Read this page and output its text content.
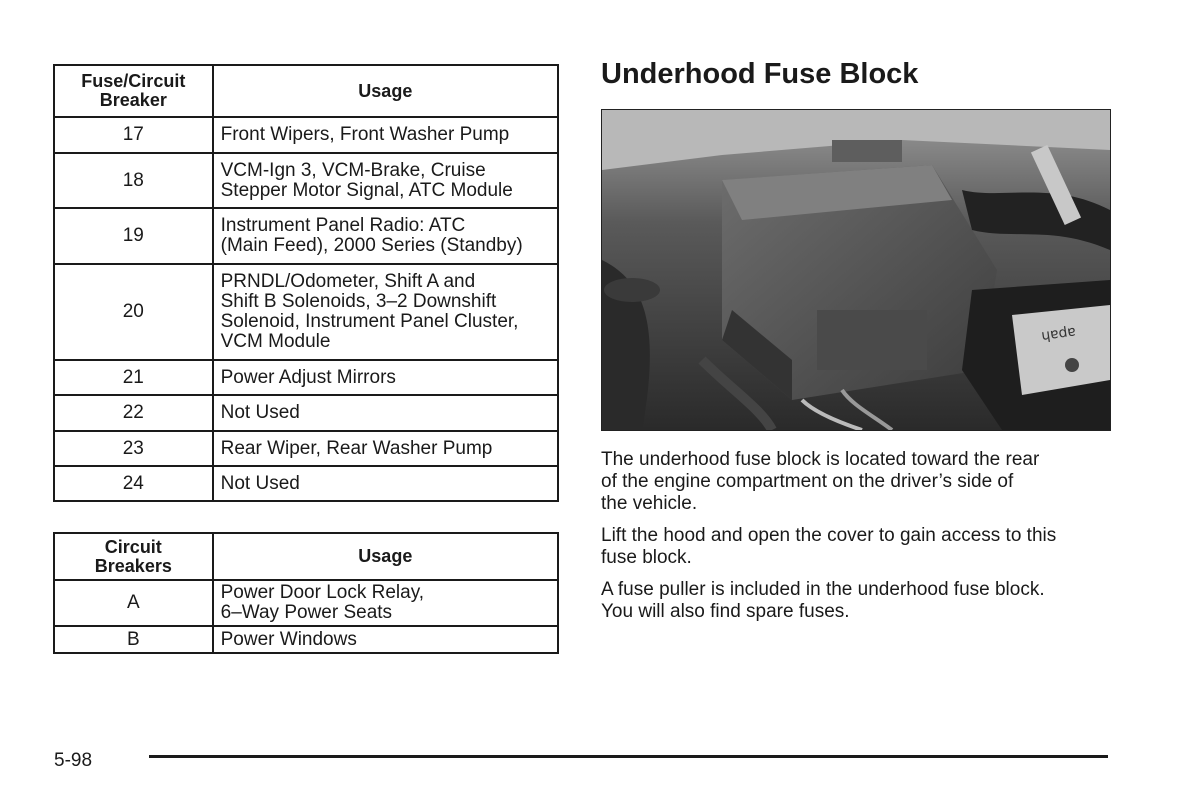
Fuse/Circuit
Breaker	Usage
17	Front Wipers, Front Washer Pump
18	VCM-Ign 3, VCM-Brake, Cruise
Stepper Motor Signal, ATC Module
19	Instrument Panel Radio: ATC
(Main Feed), 2000 Series (Standby)
20	PRNDL/Odometer, Shift A and
Shift B Solenoids, 3–2 Downshift
Solenoid, Instrument Panel Cluster,
VCM Module
21	Power Adjust Mirrors
22	Not Used
23	Rear Wiper, Rear Washer Pump
24	Not Used
Circuit
Breakers	Usage
A	Power Door Lock Relay,
6–Way Power Seats
B	Power Windows
Underhood Fuse Block
ɥɐdɐ

The underhood fuse block is located toward the rear
of the engine compartment on the driver’s side of
the vehicle.

Lift the hood and open the cover to gain access to this
fuse block.

A fuse puller is included in the underhood fuse block.
You will also find spare fuses.

5-98
